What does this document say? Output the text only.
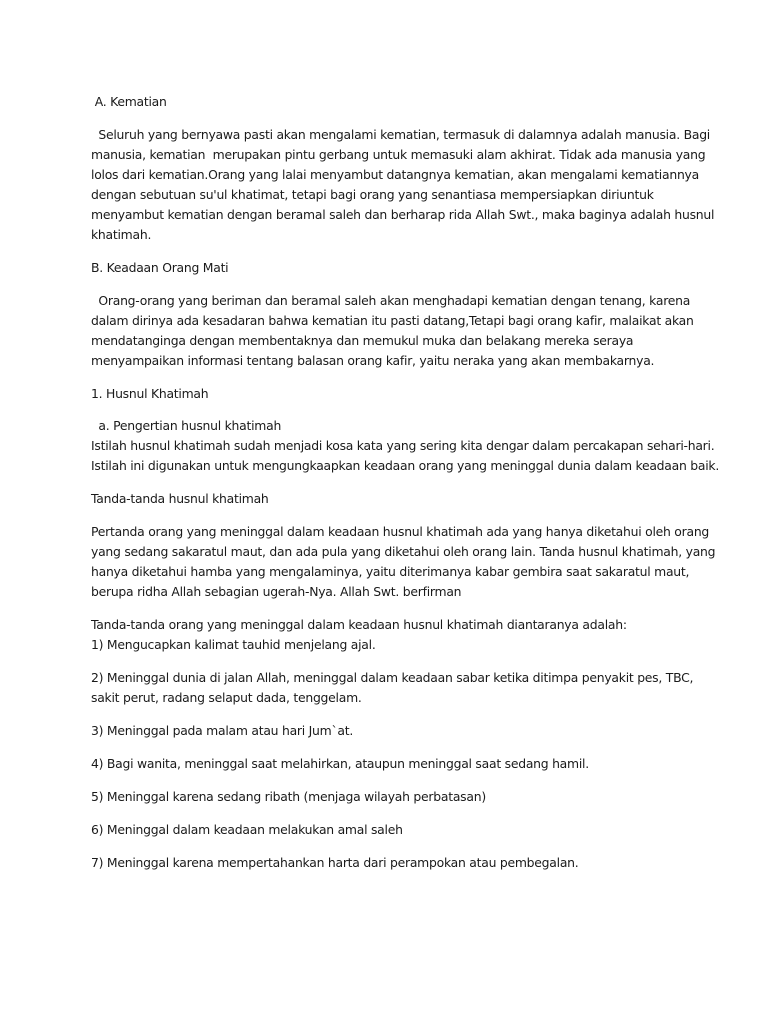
A. Kematian
Seluruh yang bernyawa pasti akan mengalami kematian, termasuk di dalamnya adalah manusia. Bagi
manusia, kematian  merupakan pintu gerbang untuk memasuki alam akhirat. Tidak ada manusia yang
lolos dari kematian.Orang yang lalai menyambut datangnya kematian, akan mengalami kematiannya
dengan sebutuan su'ul khatimat, tetapi bagi orang yang senantiasa mempersiapkan diriuntuk
menyambut kematian dengan beramal saleh dan berharap rida Allah Swt., maka baginya adalah husnul
khatimah.
B. Keadaan Orang Mati
Orang-orang yang beriman dan beramal saleh akan menghadapi kematian dengan tenang, karena
dalam dirinya ada kesadaran bahwa kematian itu pasti datang,Tetapi bagi orang kafir, malaikat akan
mendatanginga dengan membentaknya dan memukul muka dan belakang mereka seraya
menyampaikan informasi tentang balasan orang kafir, yaitu neraka yang akan membakarnya.
1. Husnul Khatimah
a. Pengertian husnul khatimah
Istilah husnul khatimah sudah menjadi kosa kata yang sering kita dengar dalam percakapan sehari-hari.
Istilah ini digunakan untuk mengungkaapkan keadaan orang yang meninggal dunia dalam keadaan baik.
Tanda-tanda husnul khatimah
Pertanda orang yang meninggal dalam keadaan husnul khatimah ada yang hanya diketahui oleh orang
yang sedang sakaratul maut, dan ada pula yang diketahui oleh orang lain. Tanda husnul khatimah, yang
hanya diketahui hamba yang mengalaminya, yaitu diterimanya kabar gembira saat sakaratul maut,
berupa ridha Allah sebagian ugerah-Nya. Allah Swt. berfirman
Tanda-tanda orang yang meninggal dalam keadaan husnul khatimah diantaranya adalah:
1) Mengucapkan kalimat tauhid menjelang ajal.
2) Meninggal dunia di jalan Allah, meninggal dalam keadaan sabar ketika ditimpa penyakit pes, TBC,
sakit perut, radang selaput dada, tenggelam.
3) Meninggal pada malam atau hari Jum`at.
4) Bagi wanita, meninggal saat melahirkan, ataupun meninggal saat sedang hamil.
5) Meninggal karena sedang ribath (menjaga wilayah perbatasan)
6) Meninggal dalam keadaan melakukan amal saleh
7) Meninggal karena mempertahankan harta dari perampokan atau pembegalan.
